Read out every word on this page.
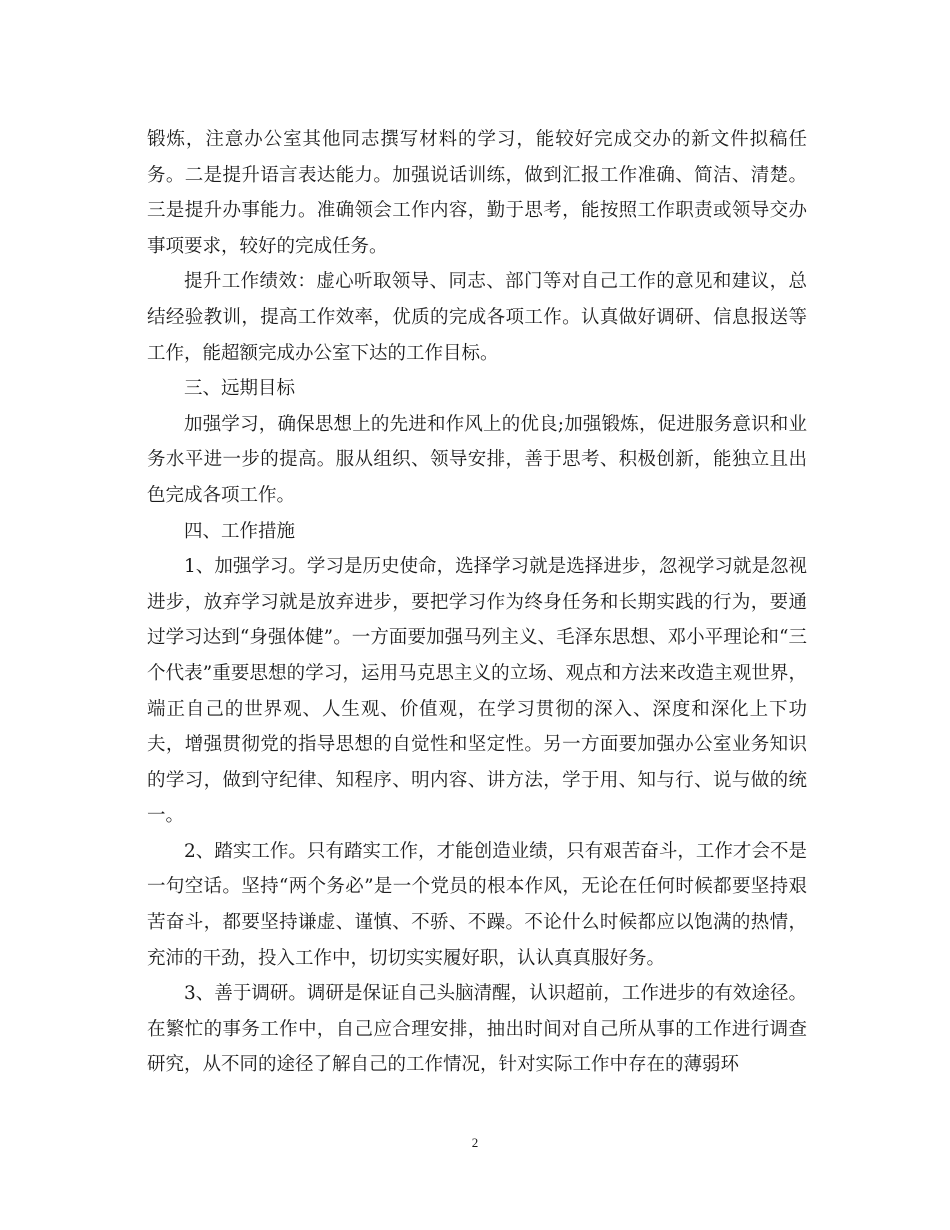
锻炼，注意办公室其他同志撰写材料的学习，能较好完成交办的新文件拟稿任务。二是提升语言表达能力。加强说话训练，做到汇报工作准确、简洁、清楚。三是提升办事能力。准确领会工作内容，勤于思考，能按照工作职责或领导交办事项要求，较好的完成任务。

提升工作绩效：虚心听取领导、同志、部门等对自己工作的意见和建议，总结经验教训，提高工作效率，优质的完成各项工作。认真做好调研、信息报送等工作，能超额完成办公室下达的工作目标。

三、远期目标

加强学习，确保思想上的先进和作风上的优良;加强锻炼，促进服务意识和业务水平进一步的提高。服从组织、领导安排，善于思考、积极创新，能独立且出色完成各项工作。

四、工作措施

1、加强学习。学习是历史使命，选择学习就是选择进步，忽视学习就是忽视进步，放弃学习就是放弃进步，要把学习作为终身任务和长期实践的行为，要通过学习达到“身强体健”。一方面要加强马列主义、毛泽东思想、邓小平理论和“三个代表”重要思想的学习，运用马克思主义的立场、观点和方法来改造主观世界，端正自己的世界观、人生观、价值观，在学习贯彻的深入、深度和深化上下功夫，增强贯彻党的指导思想的自觉性和坚定性。另一方面要加强办公室业务知识的学习，做到守纪律、知程序、明内容、讲方法，学于用、知与行、说与做的统一。

2、踏实工作。只有踏实工作，才能创造业绩，只有艰苦奋斗，工作才会不是一句空话。坚持“两个务必”是一个党员的根本作风，无论在任何时候都要坚持艰苦奋斗，都要坚持谦虚、谨慎、不骄、不躁。不论什么时候都应以饱满的热情，充沛的干劲，投入工作中，切切实实履好职，认认真真服好务。

3、善于调研。调研是保证自己头脑清醒，认识超前，工作进步的有效途径。在繁忙的事务工作中，自己应合理安排，抽出时间对自己所从事的工作进行调查研究，从不同的途径了解自己的工作情况，针对实际工作中存在的薄弱环

2
